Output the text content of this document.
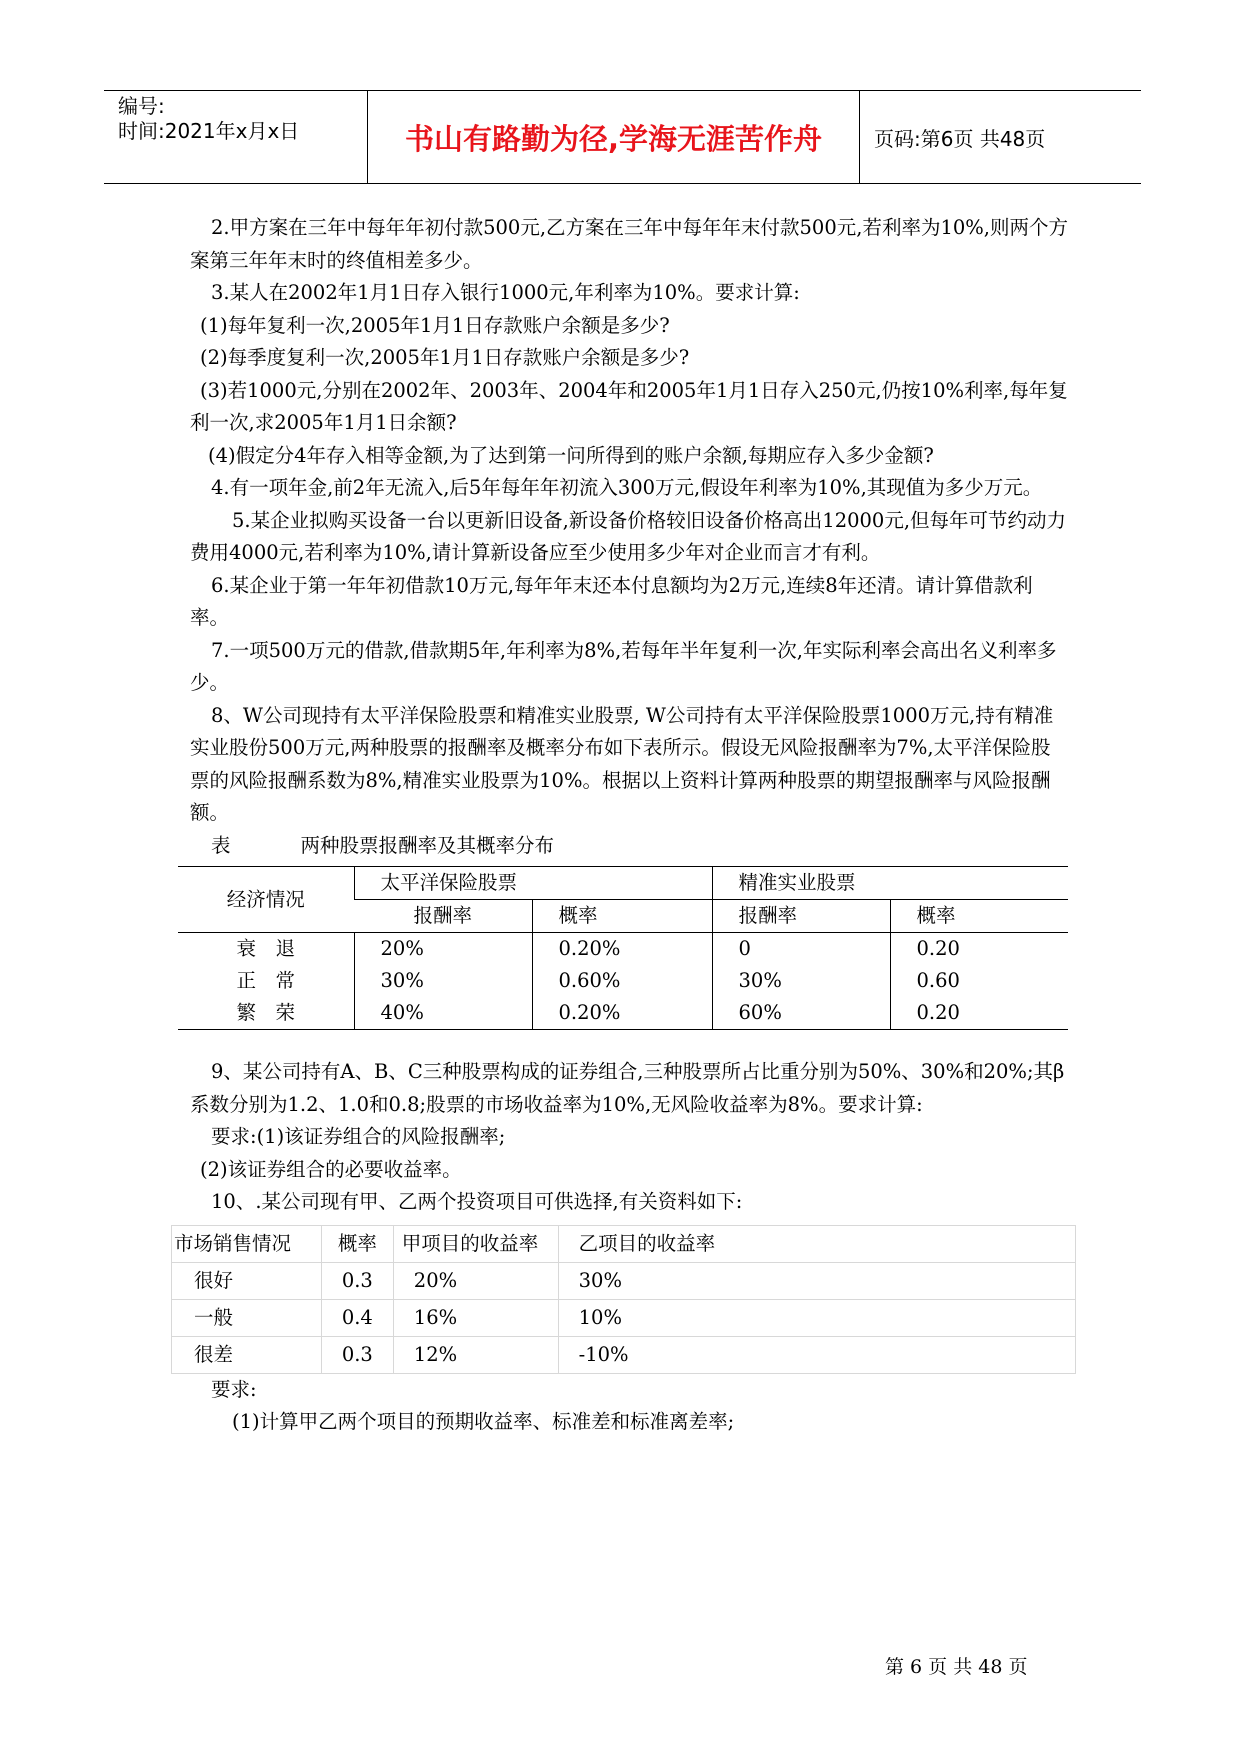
编号:
时间:2021年x月x日	书山有路勤为径,学海无涯苦作舟	页码:第6页 共48页

2.甲方案在三年中每年年初付款500元,乙方案在三年中每年年末付款500元,若利率为10%,则两个方案第三年年末时的终值相差多少。

3.某人在2002年1月1日存入银行1000元,年利率为10%。要求计算:

(1)每年复利一次,2005年1月1日存款账户余额是多少?

(2)每季度复利一次,2005年1月1日存款账户余额是多少?

(3)若1000元,分别在2002年、2003年、2004年和2005年1月1日存入250元,仍按10%利率,每年复利一次,求2005年1月1日余额?

(4)假定分4年存入相等金额,为了达到第一问所得到的账户余额,每期应存入多少金额?

4.有一项年金,前2年无流入,后5年每年年初流入300万元,假设年利率为10%,其现值为多少万元。

5.某企业拟购买设备一台以更新旧设备,新设备价格较旧设备价格高出12000元,但每年可节约动力费用4000元,若利率为10%,请计算新设备应至少使用多少年对企业而言才有利。

6.某企业于第一年年初借款10万元,每年年末还本付息额均为2万元,连续8年还清。请计算借款利率。

7.一项500万元的借款,借款期5年,年利率为8%,若每年半年复利一次,年实际利率会高出名义利率多少。

8、W公司现持有太平洋保险股票和精准实业股票, W公司持有太平洋保险股票1000万元,持有精准实业股份500万元,两种股票的报酬率及概率分布如下表所示。假设无风险报酬率为7%,太平洋保险股票的风险报酬系数为8%,精准实业股票为10%。根据以上资料计算两种股票的期望报酬率与风险报酬额。

表	两种股票报酬率及其概率分布

经济情况	太平洋保险股票		精准实业股票	
	报酬率	概率	报酬率	概率
衰　退	20%	0.20%	0	0.20
正　常	30%	0.60%	30%	0.60
繁　荣	40%	0.20%	60%	0.20

9、某公司持有A、B、C三种股票构成的证券组合,三种股票所占比重分别为50%、30%和20%;其β系数分别为1.2、1.0和0.8;股票的市场收益率为10%,无风险收益率为8%。要求计算:

要求:(1)该证券组合的风险报酬率;

(2)该证券组合的必要收益率。

10、.某公司现有甲、乙两个投资项目可供选择,有关资料如下:

市场销售情况	概率	甲项目的收益率	乙项目的收益率
很好	0.3	20%	30%
一般	0.4	16%	10%
很差	0.3	12%	-10%

要求:

(1)计算甲乙两个项目的预期收益率、标准差和标准离差率;

第 6 页 共 48 页
